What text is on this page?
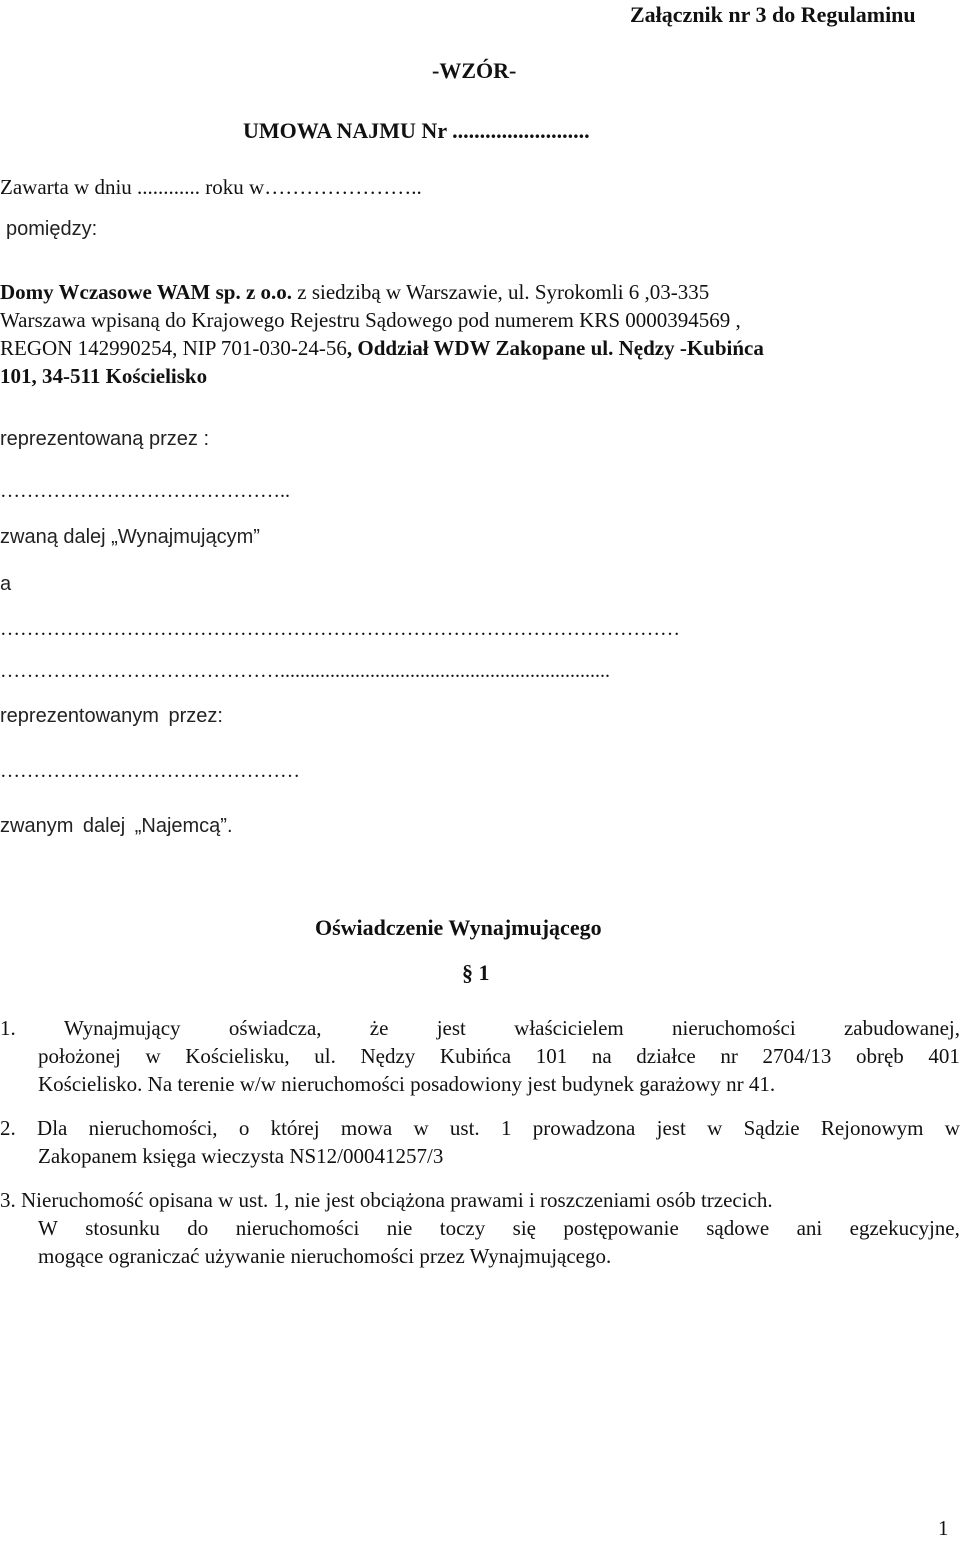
Załącznik nr 3 do Regulaminu
-WZÓR-
UMOWA NAJMU Nr .........................
Zawarta w dniu ............ roku w…………………..
pomiędzy:
Domy Wczasowe WAM sp. z o.o. z siedzibą w Warszawie, ul. Syrokomli 6 ,03-335
Warszawa wpisaną do Krajowego Rejestru Sądowego pod numerem KRS 0000394569 ,
REGON 142990254, NIP 701-030-24-56, Oddział WDW Zakopane ul. Nędzy -Kubińca
101, 34-511 Kościelisko
reprezentowaną przez :
……………………………………..
zwaną dalej „Wynajmującym”
a
…………………………………………………………………………………………
……………………………………..................................................................
reprezentowanym przez:
………………………………………
zwanym dalej „Najemcą”.
Oświadczenie Wynajmującego
§ 1
1. Wynajmujący oświadcza, że jest właścicielem nieruchomości zabudowanej,
położonej w Kościelisku, ul. Nędzy Kubińca 101 na działce nr 2704/13 obręb 401
Kościelisko. Na terenie w/w nieruchomości posadowiony jest budynek garażowy nr 41.
2. Dla nieruchomości, o której mowa w ust. 1 prowadzona jest w Sądzie Rejonowym w
Zakopanem księga wieczysta NS12/00041257/3
3. Nieruchomość opisana w ust. 1, nie jest obciążona prawami i roszczeniami osób trzecich.
W stosunku do nieruchomości nie toczy się postępowanie sądowe ani egzekucyjne,
mogące ograniczać używanie nieruchomości przez Wynajmującego.
1
